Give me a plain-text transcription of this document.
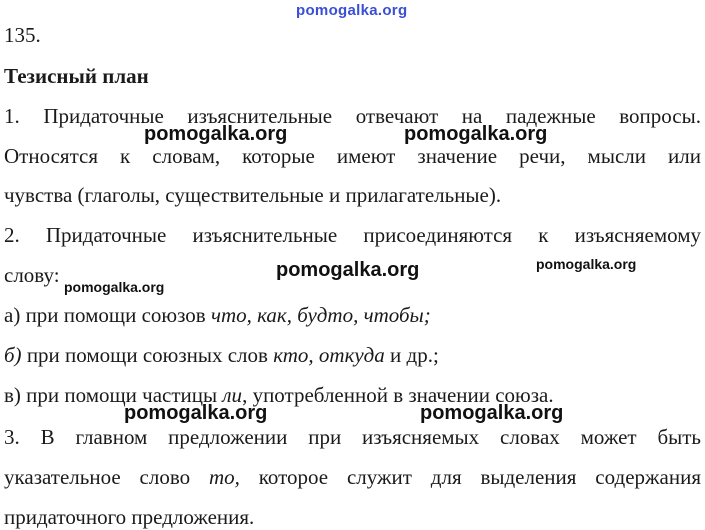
pomogalka.org
135.
Тезисный план
1. Придаточные изъяснительные отвечают на падежные вопросы.
Относятся к словам, которые имеют значение речи, мысли или
чувства (глаголы, существительные и прилагательные).
2. Придаточные изъяснительные присоединяются к изъясняемому
слову:
а) при помощи союзов что, как, будто, чтобы;
б) при помощи союзных слов кто, откуда и др.;
в) при помощи частицы ли, употребленной в значении союза.
3. В главном предложении при изъясняемых словах может быть
указательное слово то, которое служит для выделения содержания
придаточного предложения.
pomogalka.org	pomogalka.org
pomogalka.org	pomogalka.org
pomogalka.org
pomogalka.org	pomogalka.org
